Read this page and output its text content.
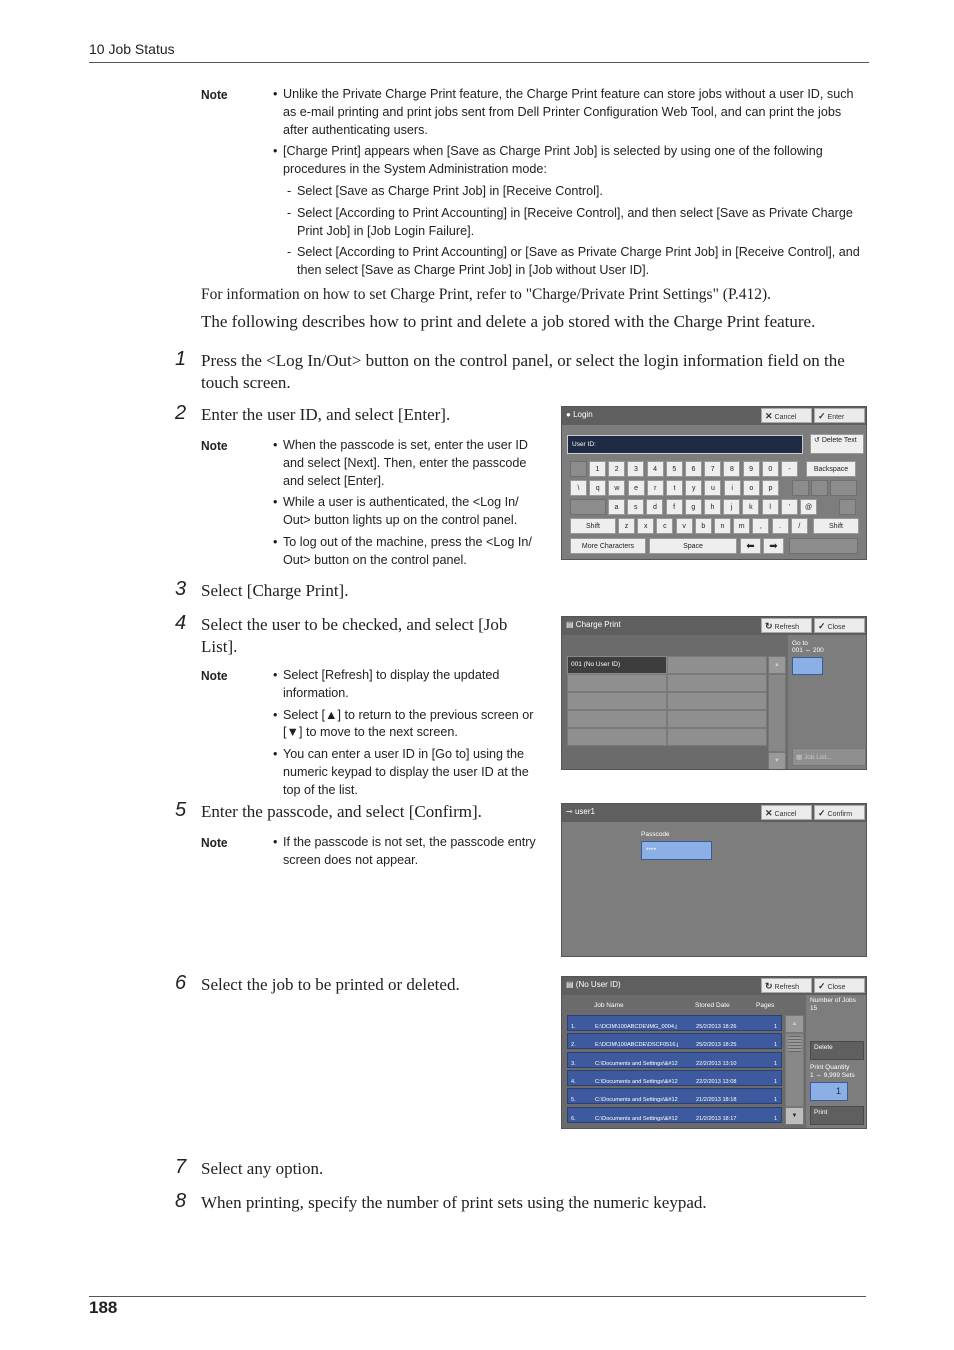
10 Job Status
Note	• Unlike the Private Charge Print feature, the Charge Print feature can store jobs without a user ID, such as e-mail printing and print jobs sent from Dell Printer Configuration Web Tool, and can print the jobs after authenticating users.
• [Charge Print] appears when [Save as Charge Print Job] is selected by using one of the following procedures in the System Administration mode:
- Select [Save as Charge Print Job] in [Receive Control].
- Select [According to Print Accounting] in [Receive Control], and then select [Save as Private Charge Print Job] in [Job Login Failure].
- Select [According to Print Accounting] or [Save as Private Charge Print Job] in [Receive Control], and then select [Save as Charge Print Job] in [Job without User ID].
For information on how to set Charge Print, refer to "Charge/Private Print Settings" (P.412).
The following describes how to print and delete a job stored with the Charge Print feature.
1 Press the <Log In/Out> button on the control panel, or select the login information field on the touch screen.
2 Enter the user ID, and select [Enter].
Note	• When the passcode is set, enter the user ID and select [Next]. Then, enter the passcode and select [Enter].
• While a user is authenticated, the <Log In/ Out> button lights up on the control panel.
• To log out of the machine, press the <Log In/ Out> button on the control panel.
● Login	✕ Cancel	✓ Enter
User ID:
↺ Delete Text
1	2	3	4	5	6	7	8	9	0	-	Backspace
\	q	w	e	r	t	y	u	i	o	p
a	s	d	f	g	h	j	k	l	'	@
Shift	z	x	c	v	b	n	m	,	.	/	Shift
More Characters	Space	⬅	➡
3 Select [Charge Print].
4 Select the user to be checked, and select [Job List].
Note	• Select [Refresh] to display the updated information.
• Select [▲] to return to the previous screen or [▼] to move to the next screen.
• You can enter a user ID in [Go to] using the numeric keypad to display the user ID at the top of the list.
▤ Charge Print	↻ Refresh	✓ Close
001 (No User ID)	▲
▼
Go to
001 ⇔ 200
▦ Job List...
5 Enter the passcode, and select [Confirm].
Note	• If the passcode is not set, the passcode entry screen does not appear.
⊸ user1	✕ Cancel	✓ Confirm
Passcode
****
6 Select the job to be printed or deleted.	▤ (No User ID)	↻ Refresh	✓ Close
Job Name	Stored Date	Pages
1.	E:\DCIM\100ABCDE\IMG_0004.j	25/2/2013 18:26	1
2.	E:\DCIM\100ABCDE\DSCF0516.j	25/2/2013 18:25	1
3.	C:\Documents and Settings\&#12	22/2/2013 13:10	1
4.	C:\Documents and Settings\&#12	22/2/2013 13:08	1
5.	C:\Documents and Settings\&#12	21/2/2013 18:18	1
6.	C:\Documents and Settings\&#12	21/2/2013 18:17	1
▲
▼
Number of Jobs
15
Delete
Print Quantity
1 ⇔ 9,999 Sets
1
Print
7 Select any option.
8 When printing, specify the number of print sets using the numeric keypad.
188
